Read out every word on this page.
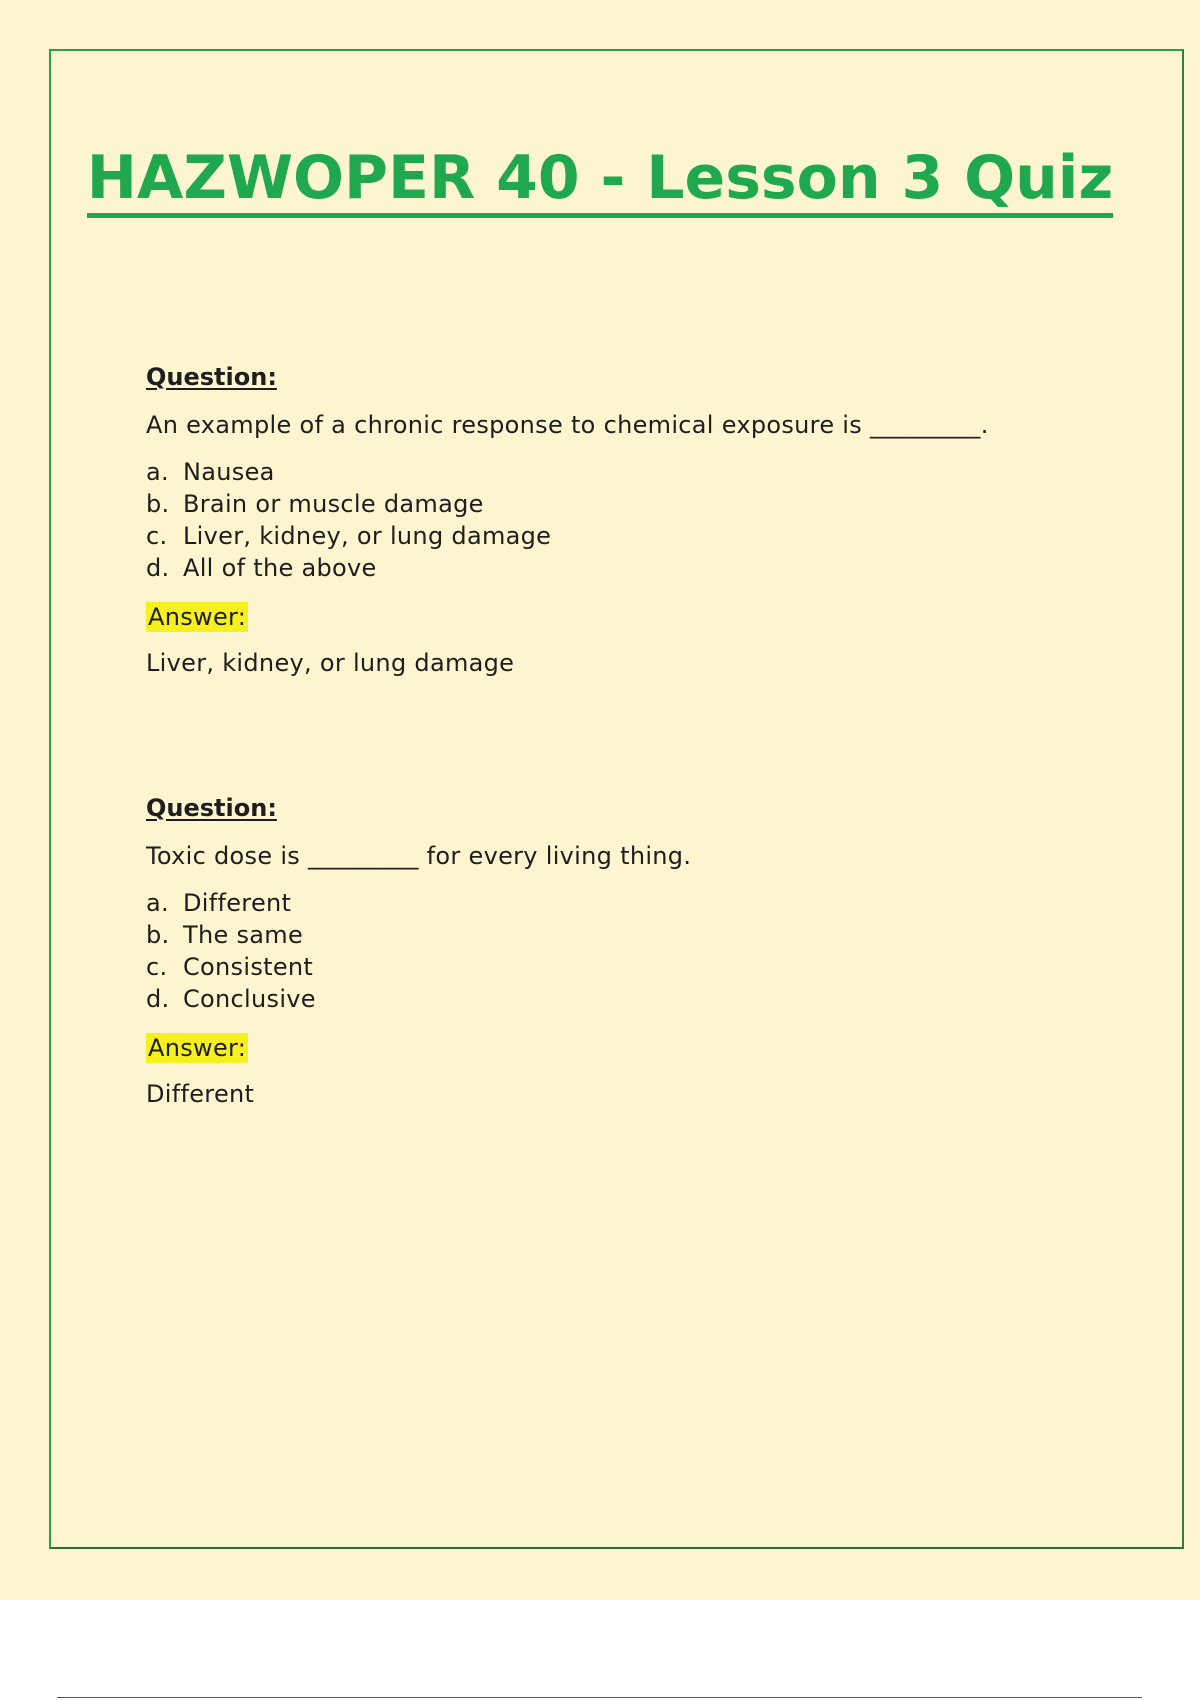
HAZWOPER 40 - Lesson 3 Quiz

Question:

An example of a chronic response to chemical exposure is _________.

a. Nausea
b. Brain or muscle damage
c. Liver, kidney, or lung damage
d. All of the above
Answer:

Liver, kidney, or lung damage

Question:

Toxic dose is _________ for every living thing.

a. Different
b. The same
c. Consistent
d. Conclusive
Answer:

Different
